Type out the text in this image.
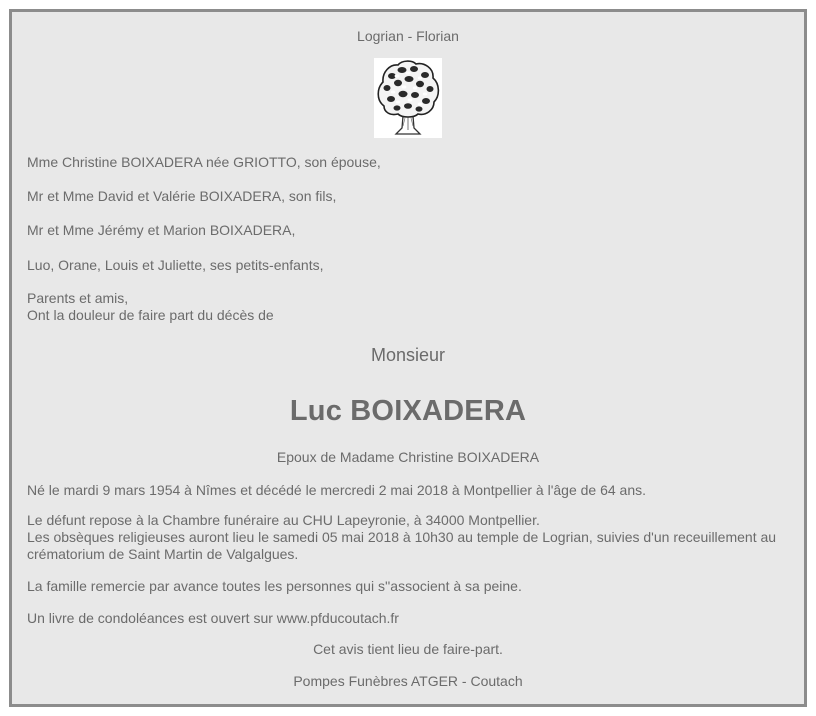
Logrian - Florian

Mme Christine BOIXADERA née GRIOTTO, son épouse,

Mr et Mme David et Valérie BOIXADERA, son fils,

Mr et Mme Jérémy et Marion BOIXADERA,

Luo, Orane, Louis et Juliette, ses petits-enfants,

Parents et amis,

Ont la douleur de faire part du décès de

Monsieur

Luc BOIXADERA

Epoux de Madame Christine BOIXADERA

Né le mardi 9 mars 1954 à Nîmes et décédé le mercredi 2 mai 2018 à Montpellier à l'âge de 64 ans.

Le défunt repose à la Chambre funéraire au CHU Lapeyronie, à 34000 Montpellier.

Les obsèques religieuses auront lieu le samedi 05 mai 2018 à 10h30 au temple de Logrian, suivies d'un receuillement au crématorium de Saint Martin de Valgalgues.

La famille remercie par avance toutes les personnes qui s''associent à sa peine.

Un livre de condoléances est ouvert sur www.pfducoutach.fr

Cet avis tient lieu de faire-part.

Pompes Funèbres ATGER - Coutach
